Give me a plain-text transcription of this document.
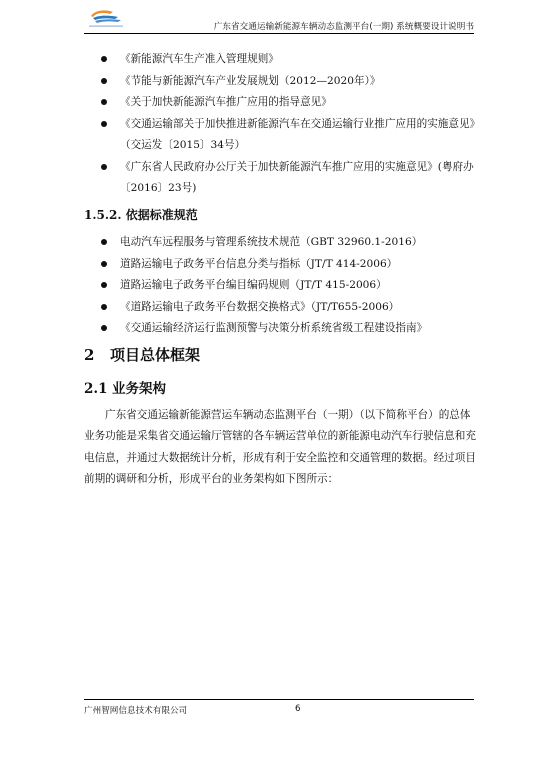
广东省交通运输新能源车辆动态监测平台(一期) 系统概要设计说明书
《新能源汽车生产准入管理规则》
《节能与新能源汽车产业发展规划（2012—2020年）》
《关于加快新能源汽车推广应用的指导意见》
《交通运输部关于加快推进新能源汽车在交通运输行业推广应用的实施意见》（交运发〔2015〕34号）
《广东省人民政府办公厅关于加快新能源汽车推广应用的实施意见》(粤府办〔2016〕23号)
1.5.2. 依据标准规范
电动汽车远程服务与管理系统技术规范（GBT 32960.1-2016）
道路运输电子政务平台信息分类与指标（JT/T 414-2006）
道路运输电子政务平台编目编码规则（JT/T 415-2006）
《道路运输电子政务平台数据交换格式》（JT/T655-2006）
《交通运输经济运行监测预警与决策分析系统省级工程建设指南》
2 项目总体框架
2.1 业务架构

广东省交通运输新能源营运车辆动态监测平台（一期）（以下简称平台）的总体业务功能是采集省交通运输厅管辖的各车辆运营单位的新能源电动汽车行驶信息和充电信息，并通过大数据统计分析，形成有利于安全监控和交通管理的数据。经过项目前期的调研和分析，形成平台的业务架构如下图所示：

广州智网信息技术有限公司	6
